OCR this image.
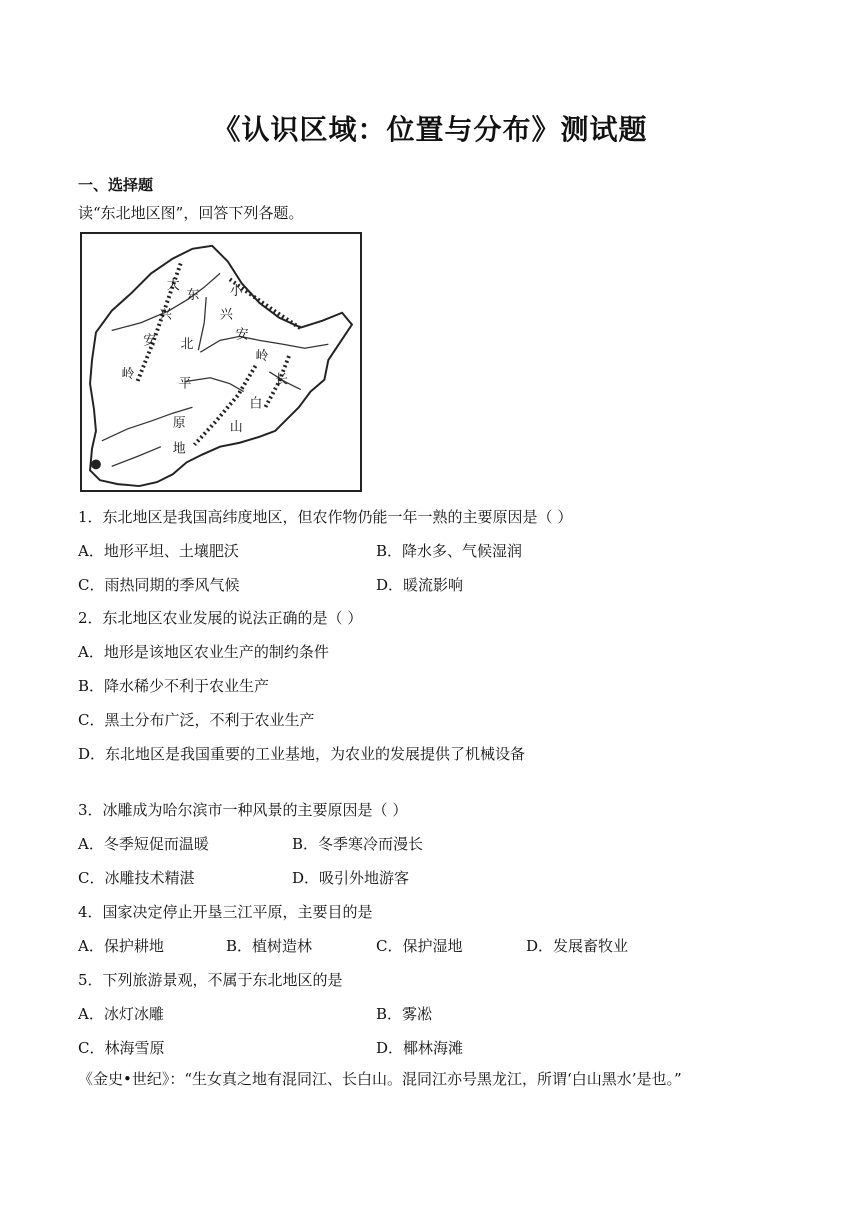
《认识区域：位置与分布》测试题
一、选择题
读“东北地区图”，回答下列各题。
大
兴
安
岭
东
北
平
原
地
小
兴
安
岭
长
白
山
1．东北地区是我国高纬度地区，但农作物仍能一年一熟的主要原因是（ ）
A．地形平坦、土壤肥沃	B．降水多、气候湿润
C．雨热同期的季风气候	D．暖流影响
2．东北地区农业发展的说法正确的是（ ）
A．地形是该地区农业生产的制约条件
B．降水稀少不利于农业生产
C．黑土分布广泛，不利于农业生产
D．东北地区是我国重要的工业基地，为农业的发展提供了机械设备
3．冰雕成为哈尔滨市一种风景的主要原因是（ ）
A．冬季短促而温暖	B．冬季寒冷而漫长
C．冰雕技术精湛	D．吸引外地游客
4．国家决定停止开垦三江平原，主要目的是
A．保护耕地	B．植树造林	C．保护湿地	D．发展畜牧业
5．下列旅游景观，不属于东北地区的是
A．冰灯冰雕	B．雾凇
C．林海雪原	D．椰林海滩
《金史•世纪》：“生女真之地有混同江、长白山。混同江亦号黑龙江，所谓‘白山黑水’是也。”
